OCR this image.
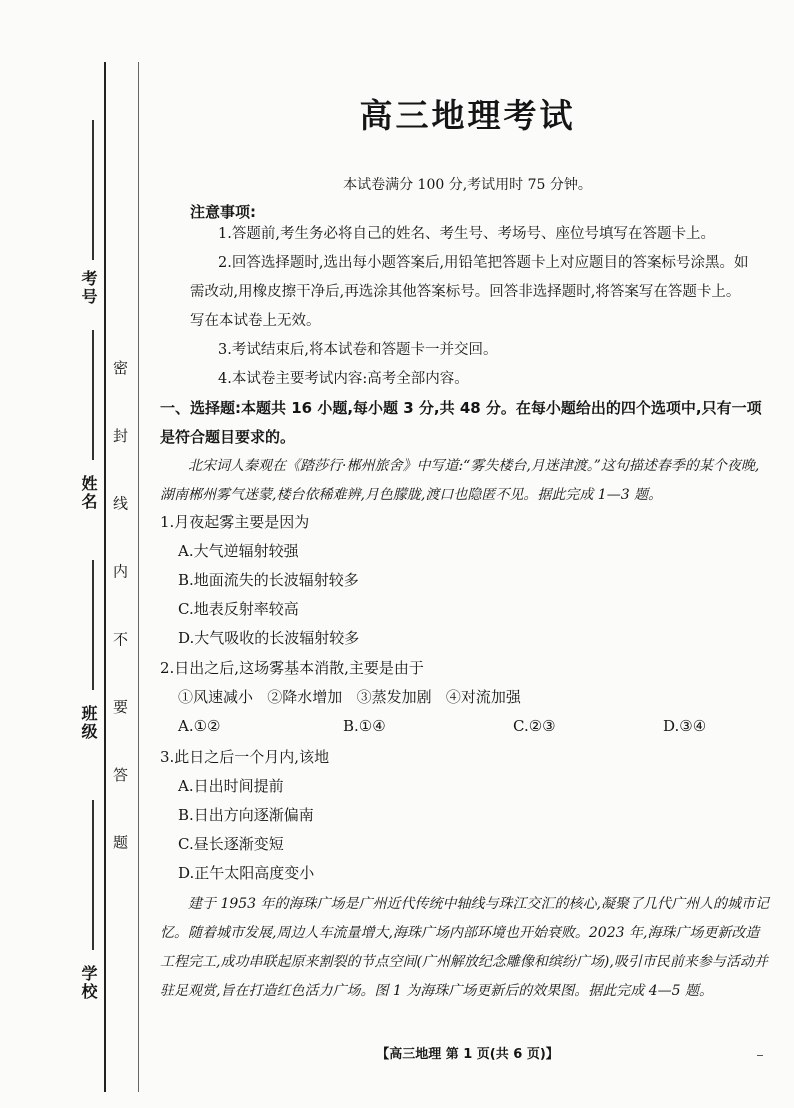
考号
姓名
班级
学校
密 封 线 内 不 要 答 题
高三地理考试
本试卷满分 100 分,考试用时 75 分钟。
注意事项:
1.答题前,考生务必将自己的姓名、考生号、考场号、座位号填写在答题卡上。
2.回答选择题时,选出每小题答案后,用铅笔把答题卡上对应题目的答案标号涂黑。如需改动,用橡皮擦干净后,再选涂其他答案标号。回答非选择题时,将答案写在答题卡上。写在本试卷上无效。
3.考试结束后,将本试卷和答题卡一并交回。
4.本试卷主要考试内容:高考全部内容。
一、选择题:本题共 16 小题,每小题 3 分,共 48 分。在每小题给出的四个选项中,只有一项是符合题目要求的。
北宋词人秦观在《踏莎行·郴州旅舍》中写道:“雾失楼台,月迷津渡。”这句描述春季的某个夜晚,湖南郴州雾气迷蒙,楼台依稀难辨,月色朦胧,渡口也隐匿不见。据此完成 1—3 题。
1.月夜起雾主要是因为
A.大气逆辐射较强
B.地面流失的长波辐射较多
C.地表反射率较高
D.大气吸收的长波辐射较多
2.日出之后,这场雾基本消散,主要是由于
①风速减小   ②降水增加   ③蒸发加剧   ④对流加强
A.①②	B.①④	C.②③	D.③④
3.此日之后一个月内,该地
A.日出时间提前
B.日出方向逐渐偏南
C.昼长逐渐变短
D.正午太阳高度变小
建于 1953 年的海珠广场是广州近代传统中轴线与珠江交汇的核心,凝聚了几代广州人的城市记忆。随着城市发展,周边人车流量增大,海珠广场内部环境也开始衰败。2023 年,海珠广场更新改造工程完工,成功串联起原来割裂的节点空间(广州解放纪念雕像和缤纷广场),吸引市民前来参与活动并驻足观赏,旨在打造红色活力广场。图 1 为海珠广场更新后的效果图。据此完成 4—5 题。
【高三地理 第 1 页(共 6 页)】
